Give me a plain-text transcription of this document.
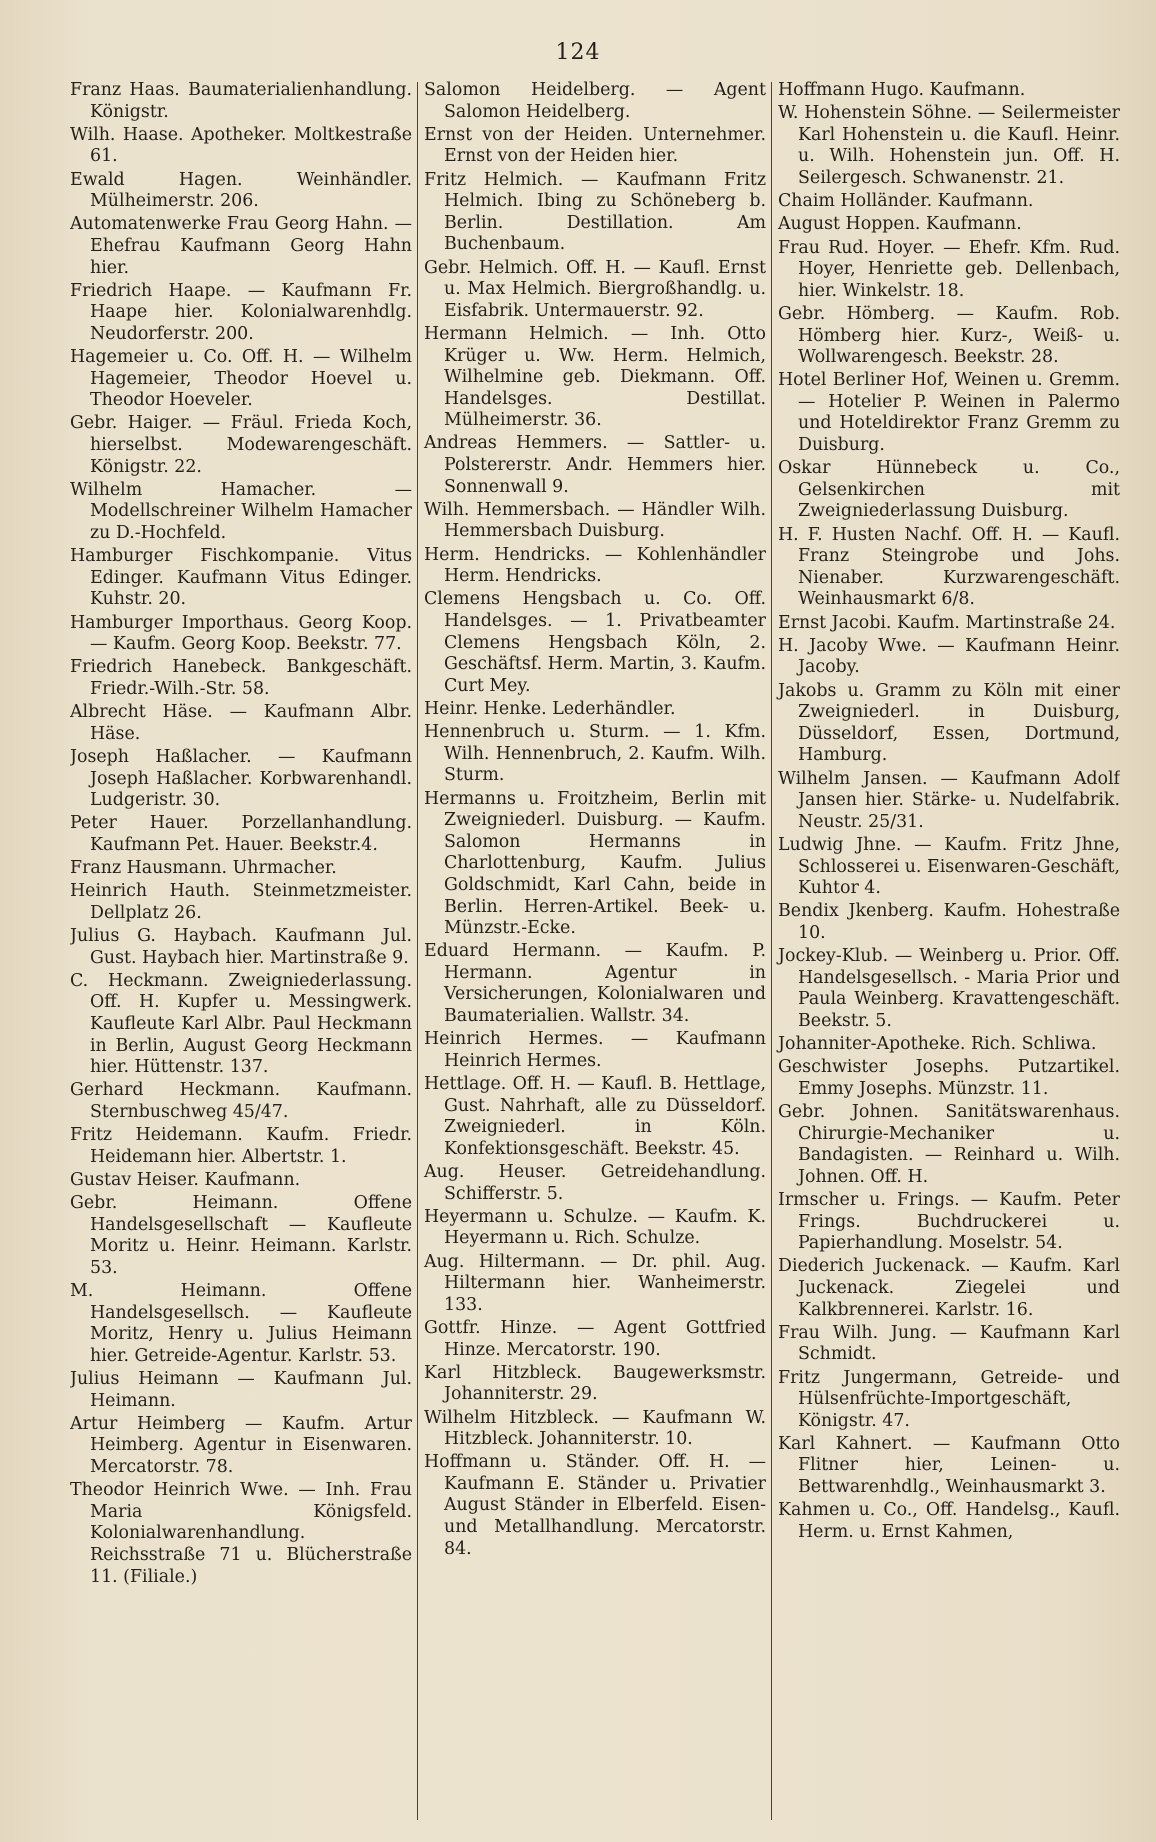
124
Franz Haas. Baumaterialienhandlung. Königstr.
Wilh. Haase. Apotheker. Moltkestraße 61.
Ewald Hagen. Weinhändler. Mülheimerstr. 206.
Automatenwerke Frau Georg Hahn. — Ehefrau Kaufmann Georg Hahn hier.
Friedrich Haape. — Kaufmann Fr. Haape hier. Kolonialwarenhdlg. Neudorferstr. 200.
Hagemeier u. Co. Off. H. — Wilhelm Hagemeier, Theodor Hoevel u. Theodor Hoeveler.
Gebr. Haiger. — Fräul. Frieda Koch, hierselbst. Modewarengeschäft. Königstr. 22.
Wilhelm Hamacher. — Modellschreiner Wilhelm Hamacher zu D.-Hochfeld.
Hamburger Fischkompanie. Vitus Edinger. Kaufmann Vitus Edinger. Kuhstr. 20.
Hamburger Importhaus. Georg Koop. — Kaufm. Georg Koop. Beekstr. 77.
Friedrich Hanebeck. Bankgeschäft. Friedr.-Wilh.-Str. 58.
Albrecht Häse. — Kaufmann Albr. Häse.
Joseph Haßlacher. — Kaufmann Joseph Haßlacher. Korbwarenhandl. Ludgeristr. 30.
Peter Hauer. Porzellanhandlung. Kaufmann Pet. Hauer. Beekstr.4.
Franz Hausmann. Uhrmacher.
Heinrich Hauth. Steinmetzmeister. Dellplatz 26.
Julius G. Haybach. Kaufmann Jul. Gust. Haybach hier. Martinstraße 9.
C. Heckmann. Zweigniederlassung. Off. H. Kupfer u. Messingwerk. Kaufleute Karl Albr. Paul Heckmann in Berlin, August Georg Heckmann hier. Hüttenstr. 137.
Gerhard Heckmann. Kaufmann. Sternbuschweg 45/47.
Fritz Heidemann. Kaufm. Friedr. Heidemann hier. Albertstr. 1.
Gustav Heiser. Kaufmann.
Gebr. Heimann. Offene Handelsgesellschaft — Kaufleute Moritz u. Heinr. Heimann. Karlstr. 53.
M. Heimann. Offene Handelsgesellsch. — Kaufleute Moritz, Henry u. Julius Heimann hier. Getreide-Agentur. Karlstr. 53.
Julius Heimann — Kaufmann Jul. Heimann.
Artur Heimberg — Kaufm. Artur Heimberg. Agentur in Eisenwaren. Mercatorstr. 78.
Theodor Heinrich Wwe. — Inh. Frau Maria Königsfeld. Kolonialwarenhandlung. Reichsstraße 71 u. Blücherstraße 11. (Filiale.)
Salomon Heidelberg. — Agent Salomon Heidelberg.
Ernst von der Heiden. Unternehmer. Ernst von der Heiden hier.
Fritz Helmich. — Kaufmann Fritz Helmich. Ibing zu Schöneberg b. Berlin. Destillation. Am Buchenbaum.
Gebr. Helmich. Off. H. — Kaufl. Ernst u. Max Helmich. Biergroßhandlg. u. Eisfabrik. Untermauerstr. 92.
Hermann Helmich. — Inh. Otto Krüger u. Ww. Herm. Helmich, Wilhelmine geb. Diekmann. Off. Handelsges. Destillat. Mülheimerstr. 36.
Andreas Hemmers. — Sattler- u. Polstererstr. Andr. Hemmers hier. Sonnenwall 9.
Wilh. Hemmersbach. — Händler Wilh. Hemmersbach Duisburg.
Herm. Hendricks. — Kohlenhändler Herm. Hendricks.
Clemens Hengsbach u. Co. Off. Handelsges. — 1. Privatbeamter Clemens Hengsbach Köln, 2. Geschäftsf. Herm. Martin, 3. Kaufm. Curt Mey.
Heinr. Henke. Lederhändler.
Hennenbruch u. Sturm. — 1. Kfm. Wilh. Hennenbruch, 2. Kaufm. Wilh. Sturm.
Hermanns u. Froitzheim, Berlin mit Zweigniederl. Duisburg. — Kaufm. Salomon Hermanns in Charlottenburg, Kaufm. Julius Goldschmidt, Karl Cahn, beide in Berlin. Herren-Artikel. Beek- u. Münzstr.-Ecke.
Eduard Hermann. — Kaufm. P. Hermann. Agentur in Versicherungen, Kolonialwaren und Baumaterialien. Wallstr. 34.
Heinrich Hermes. — Kaufmann Heinrich Hermes.
Hettlage. Off. H. — Kaufl. B. Hettlage, Gust. Nahrhaft, alle zu Düsseldorf. Zweigniederl. in Köln. Konfektionsgeschäft. Beekstr. 45.
Aug. Heuser. Getreidehandlung. Schifferstr. 5.
Heyermann u. Schulze. — Kaufm. K. Heyermann u. Rich. Schulze.
Aug. Hiltermann. — Dr. phil. Aug. Hiltermann hier. Wanheimerstr. 133.
Gottfr. Hinze. — Agent Gottfried Hinze. Mercatorstr. 190.
Karl Hitzbleck. Baugewerksmstr. Johanniterstr. 29.
Wilhelm Hitzbleck. — Kaufmann W. Hitzbleck. Johanniterstr. 10.
Hoffmann u. Ständer. Off. H. — Kaufmann E. Ständer u. Privatier August Ständer in Elberfeld. Eisen- und Metallhandlung. Mercatorstr. 84.
Hoffmann Hugo. Kaufmann.
W. Hohenstein Söhne. — Seilermeister Karl Hohenstein u. die Kaufl. Heinr. u. Wilh. Hohenstein jun. Off. H. Seilergesch. Schwanenstr. 21.
Chaim Holländer. Kaufmann.
August Hoppen. Kaufmann.
Frau Rud. Hoyer. — Ehefr. Kfm. Rud. Hoyer, Henriette geb. Dellenbach, hier. Winkelstr. 18.
Gebr. Hömberg. — Kaufm. Rob. Hömberg hier. Kurz-, Weiß- u. Wollwarengesch. Beekstr. 28.
Hotel Berliner Hof, Weinen u. Gremm. — Hotelier P. Weinen in Palermo und Hoteldirektor Franz Gremm zu Duisburg.
Oskar Hünnebeck u. Co., Gelsenkirchen mit Zweigniederlassung Duisburg.
H. F. Husten Nachf. Off. H. — Kaufl. Franz Steingrobe und Johs. Nienaber. Kurzwarengeschäft. Weinhausmarkt 6/8.
Ernst Jacobi. Kaufm. Martinstraße 24.
H. Jacoby Wwe. — Kaufmann Heinr. Jacoby.
Jakobs u. Gramm zu Köln mit einer Zweigniederl. in Duisburg, Düsseldorf, Essen, Dortmund, Hamburg.
Wilhelm Jansen. — Kaufmann Adolf Jansen hier. Stärke- u. Nudelfabrik. Neustr. 25/31.
Ludwig Jhne. — Kaufm. Fritz Jhne, Schlosserei u. Eisenwaren-Geschäft, Kuhtor 4.
Bendix Jkenberg. Kaufm. Hohestraße 10.
Jockey-Klub. — Weinberg u. Prior. Off. Handelsgesellsch. - Maria Prior und Paula Weinberg. Kravattengeschäft. Beekstr. 5.
Johanniter-Apotheke. Rich. Schliwa.
Geschwister Josephs. Putzartikel. Emmy Josephs. Münzstr. 11.
Gebr. Johnen. Sanitätswarenhaus. Chirurgie-Mechaniker u. Bandagisten. — Reinhard u. Wilh. Johnen. Off. H.
Irmscher u. Frings. — Kaufm. Peter Frings. Buchdruckerei u. Papierhandlung. Moselstr. 54.
Diederich Juckenack. — Kaufm. Karl Juckenack. Ziegelei und Kalkbrennerei. Karlstr. 16.
Frau Wilh. Jung. — Kaufmann Karl Schmidt.
Fritz Jungermann, Getreide- und Hülsenfrüchte-Importgeschäft, Königstr. 47.
Karl Kahnert. — Kaufmann Otto Flitner hier, Leinen- u. Bettwarenhdlg., Weinhausmarkt 3.
Kahmen u. Co., Off. Handelsg., Kaufl. Herm. u. Ernst Kahmen,
